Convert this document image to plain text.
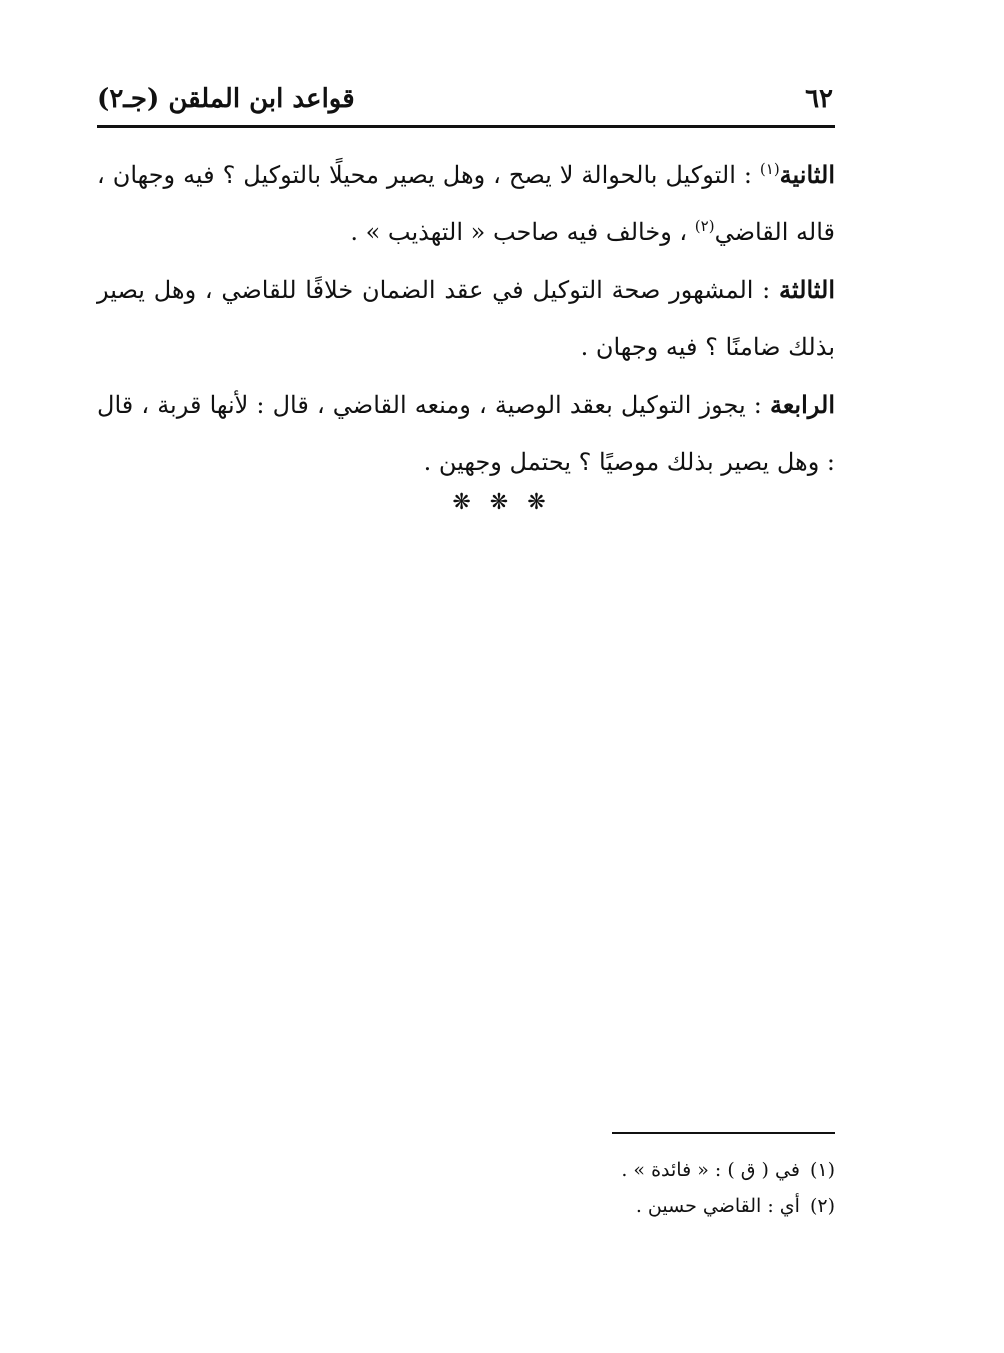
٦٢
قواعد ابن الملقن (جـ٢)

الثانية$^{(١)}$ : التوكيل بالحوالة لا يصح ، وهل يصير محيلًا بالتوكيل ؟ فيه وجهان ، قاله القاضي$^{(٢)}$ ، وخالف فيه صاحب « التهذيب » .

الثالثة : المشهور صحة التوكيل في عقد الضمان خلافًا للقاضي ، وهل يصير بذلك ضامنًا ؟ فيه وجهان .

الرابعة : يجوز التوكيل بعقد الوصية ، ومنعه القاضي ، قال : لأنها قربة ، قال : وهل يصير بذلك موصيًا ؟ يحتمل وجهين .

❋ ❋ ❋

(١)في ( ق ) : « فائدة » .

(٢)أي : القاضي حسين .
